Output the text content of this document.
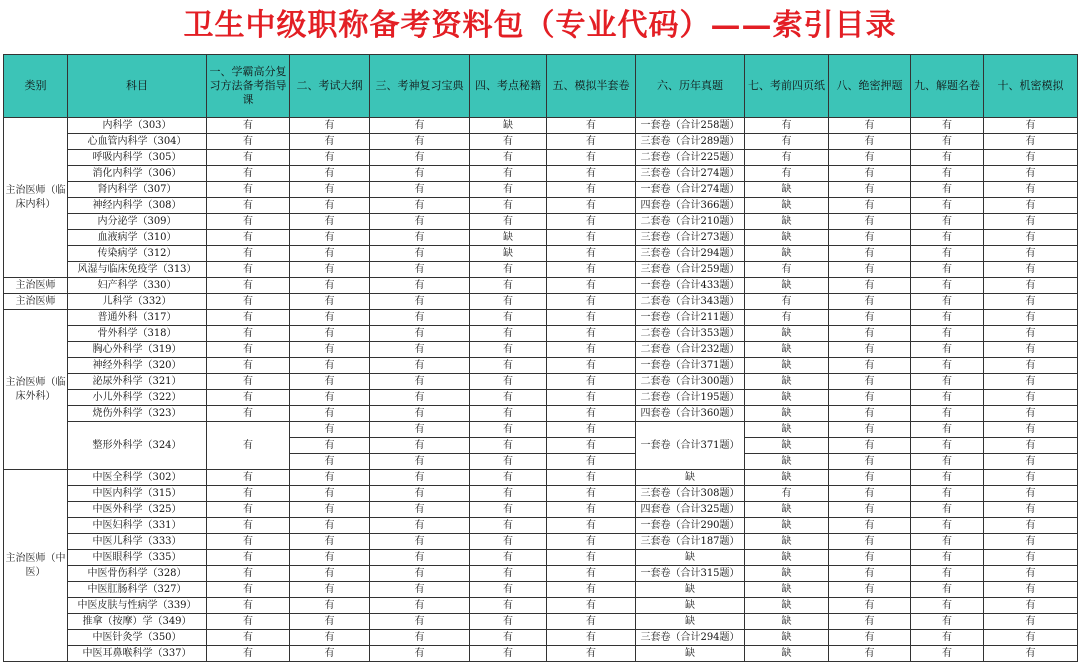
卫生中级职称备考资料包（专业代码）——索引目录
类别	科目	一、学霸高分复习方法备考指导课	二、考试大纲	三、考神复习宝典	四、考点秘籍	五、模拟半套卷	六、历年真题	七、考前四页纸	八、绝密押题	九、解题名卷	十、机密模拟
主治医师（临床内科）	内科学（303）	有	有	有	缺	有	一套卷（合计258题）	有	有	有	有
	心血管内科学（304）	有	有	有	有	有	三套卷（合计289题）	有	有	有	有
	呼吸内科学（305）	有	有	有	有	有	二套卷（合计225题）	有	有	有	有
	消化内科学（306）	有	有	有	有	有	三套卷（合计274题）	有	有	有	有
	肾内科学（307）	有	有	有	有	有	一套卷（合计274题）	缺	有	有	有
	神经内科学（308）	有	有	有	有	有	四套卷（合计366题）	缺	有	有	有
	内分泌学（309）	有	有	有	有	有	二套卷（合计210题）	缺	有	有	有
	血液病学（310）	有	有	有	缺	有	三套卷（合计273题）	缺	有	有	有
	传染病学（312）	有	有	有	缺	有	三套卷（合计294题）	缺	有	有	有
	风湿与临床免疫学（313）	有	有	有	有	有	三套卷（合计259题）	有	有	有	有
主治医师	妇产科学（330）	有	有	有	有	有	一套卷（合计433题）	缺	有	有	有
主治医师	儿科学（332）	有	有	有	有	有	二套卷（合计343题）	有	有	有	有
主治医师（临床外科）	普通外科（317）	有	有	有	有	有	一套卷（合计211题）	有	有	有	有
	骨外科学（318）	有	有	有	有	有	二套卷（合计353题）	缺	有	有	有
	胸心外科学（319）	有	有	有	有	有	二套卷（合计232题）	缺	有	有	有
	神经外科学（320）	有	有	有	有	有	一套卷（合计371题）	缺	有	有	有
	泌尿外科学（321）	有	有	有	有	有	二套卷（合计300题）	缺	有	有	有
	小儿外科学（322）	有	有	有	有	有	二套卷（合计195题）	缺	有	有	有
	烧伤外科学（323）	有	有	有	有	有	四套卷（合计360题）	缺	有	有	有
	整形外科学（324）	有	有	有	有	有	一套卷（合计371题）	缺	有	有	有
			有	有	有	有		缺	有	有	有
			有	有	有	有		缺	有	有	有
主治医师（中医）	中医全科学（302）	有	有	有	有	有	缺	缺	有	有	有
	中医内科学（315）	有	有	有	有	有	三套卷（合计308题）	有	有	有	有
	中医外科学（325）	有	有	有	有	有	四套卷（合计325题）	缺	有	有	有
	中医妇科学（331）	有	有	有	有	有	一套卷（合计290题）	缺	有	有	有
	中医儿科学（333）	有	有	有	有	有	三套卷（合计187题）	缺	有	有	有
	中医眼科学（335）	有	有	有	有	有	缺	缺	有	有	有
	中医骨伤科学（328）	有	有	有	有	有	一套卷（合计315题）	缺	有	有	有
	中医肛肠科学（327）	有	有	有	有	有	缺	缺	有	有	有
	中医皮肤与性病学（339）	有	有	有	有	有	缺	缺	有	有	有
	推拿（按摩）学（349）	有	有	有	有	有	缺	缺	有	有	有
	中医针灸学（350）	有	有	有	有	有	三套卷（合计294题）	缺	有	有	有
	中医耳鼻喉科学（337）	有	有	有	有	有	缺	缺	有	有	有
